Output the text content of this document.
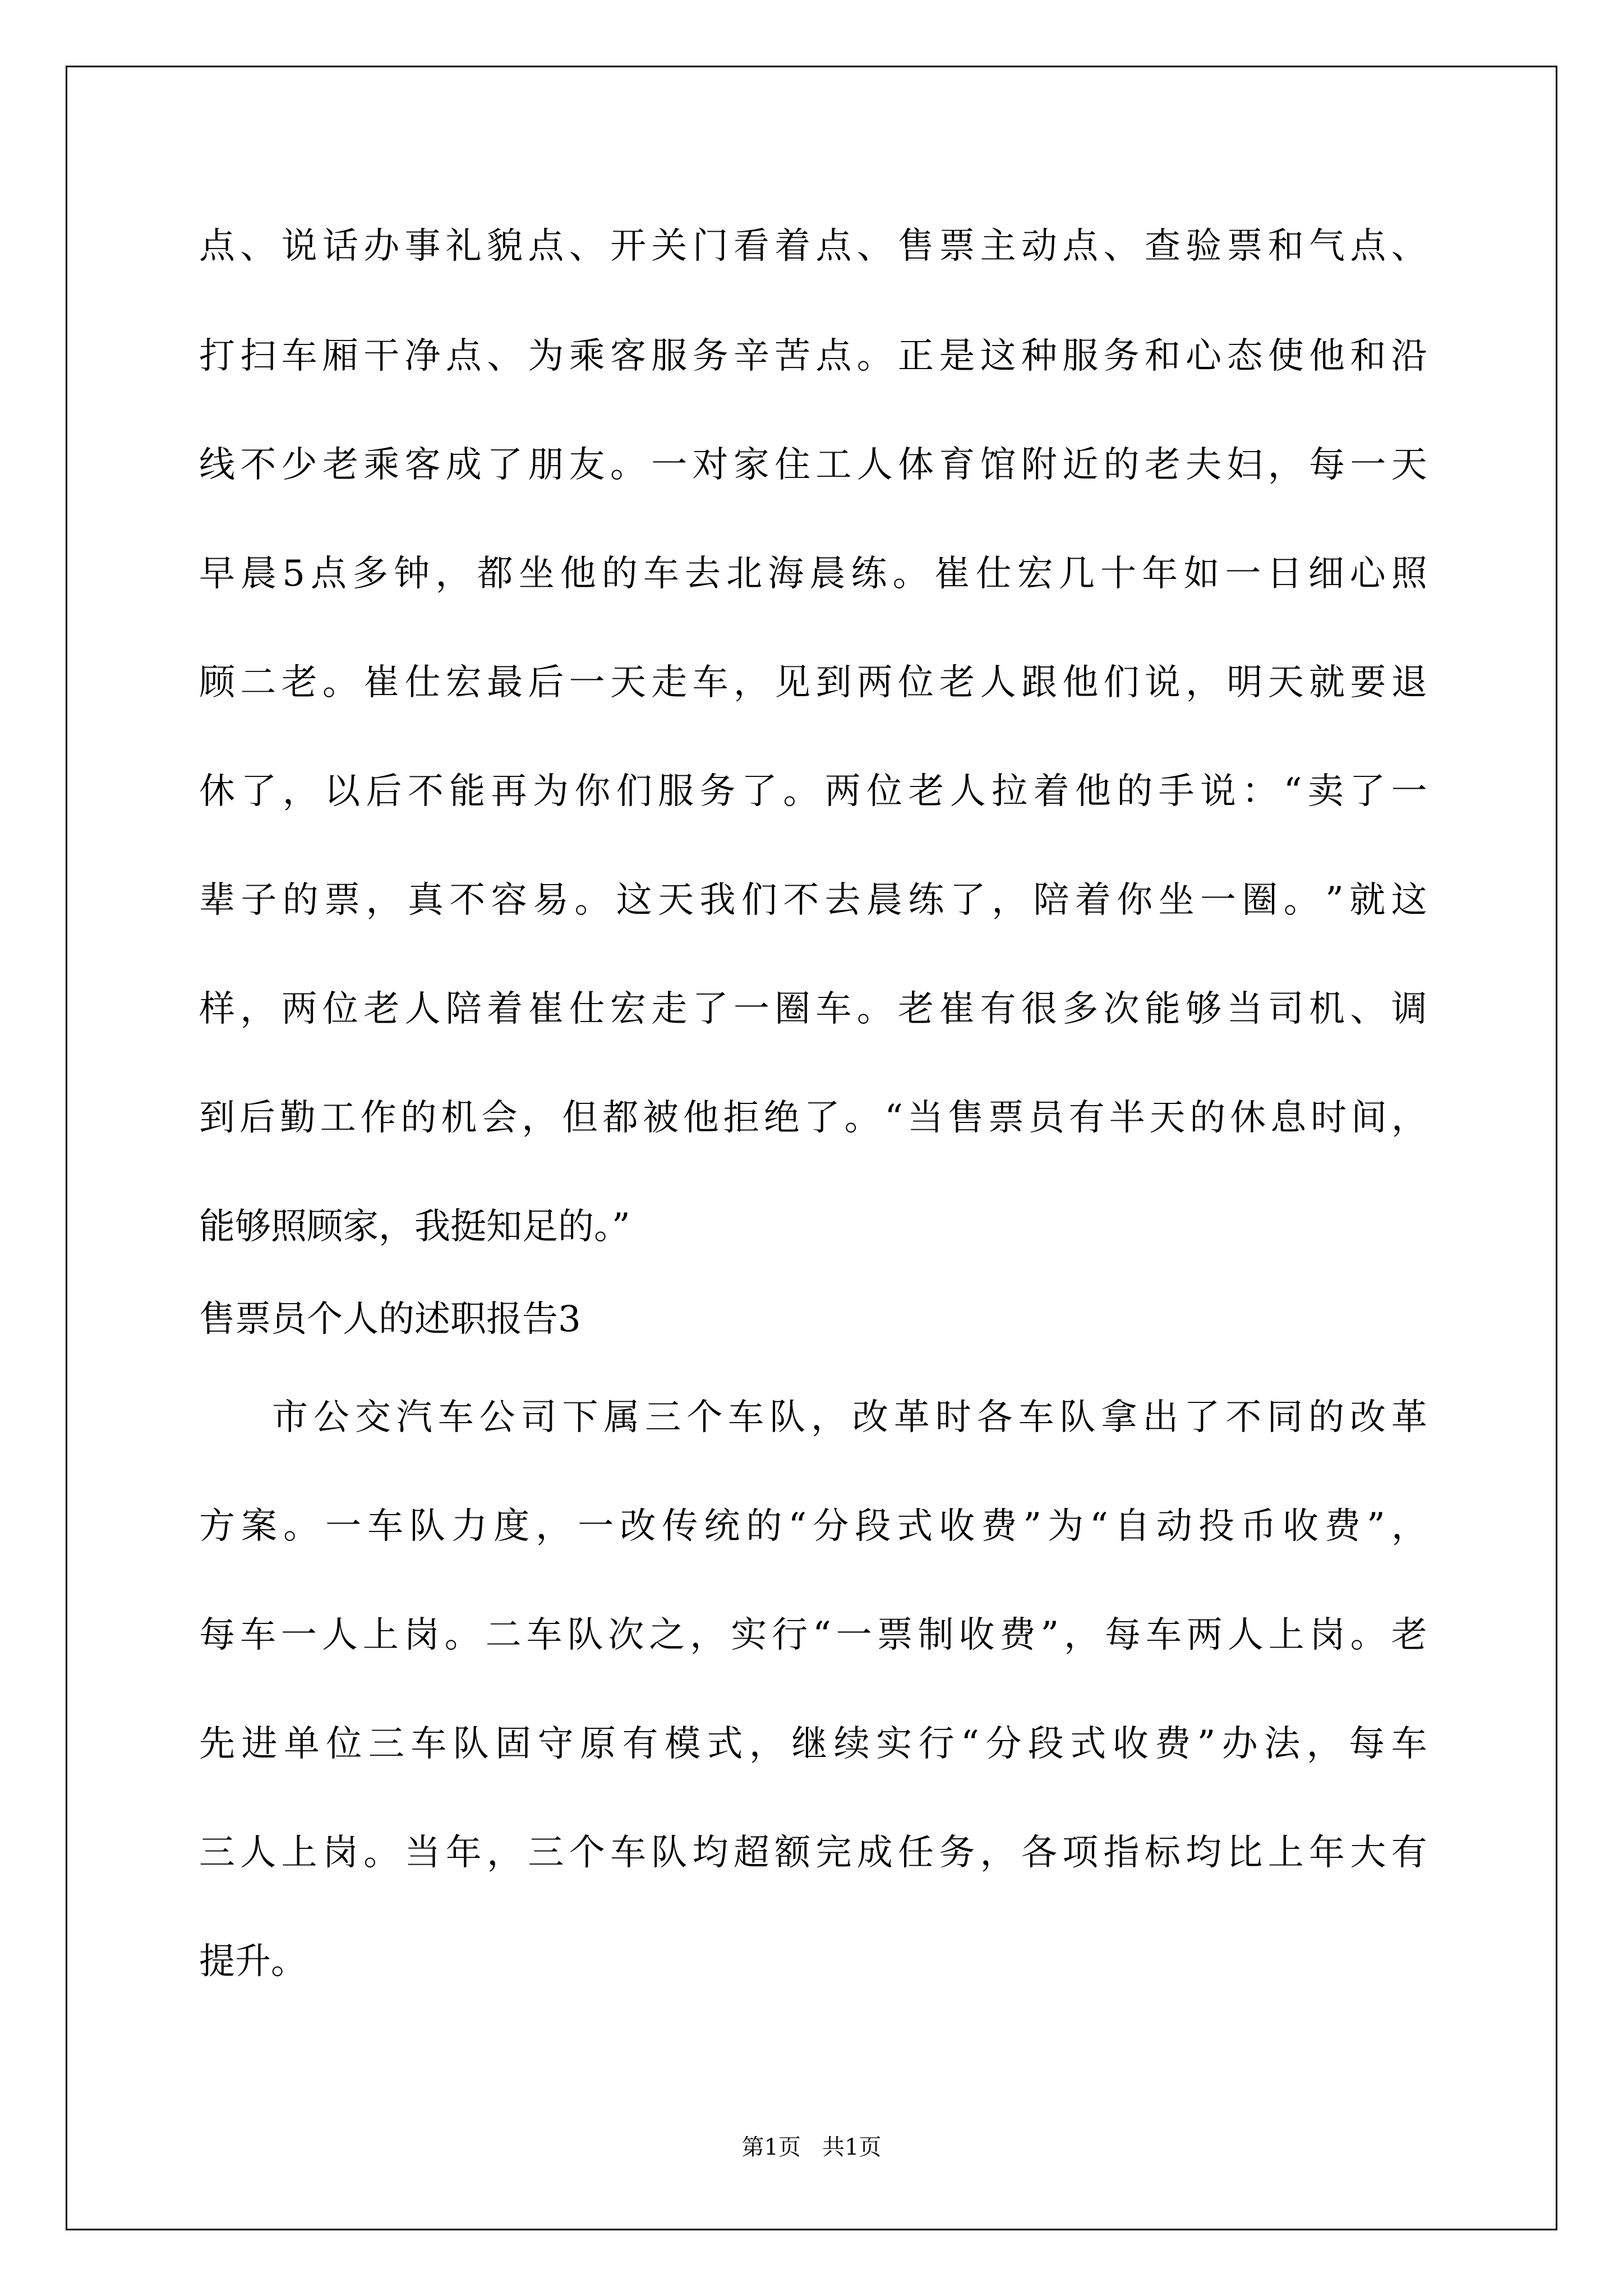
点 、 说 话 办 事 礼 貌 点 、 开 关 门 看 着 点 、 售 票 主 动 点 、 查 验 票 和 气 点 、
打 扫 车 厢 干 净 点 、 为 乘 客 服 务 辛 苦 点 。 正 是 这 种 服 务 和 心 态 使 他 和 沿
线 不 少 老 乘 客 成 了 朋 友 。 一 对 家 住 工 人 体 育 馆 附 近 的 老 夫 妇 ， 每 一 天
早 晨 5 点 多 钟 ， 都 坐 他 的 车 去 北 海 晨 练 。 崔 仕 宏 几 十 年 如 一 日 细 心 照
顾 二 老 。 崔 仕 宏 最 后 一 天 走 车 ， 见 到 两 位 老 人 跟 他 们 说 ， 明 天 就 要 退
休 了 ， 以 后 不 能 再 为 你 们 服 务 了 。 两 位 老 人 拉 着 他 的 手 说 ： “ 卖 了 一
辈 子 的 票 ， 真 不 容 易 。 这 天 我 们 不 去 晨 练 了 ， 陪 着 你 坐 一 圈 。 ” 就 这
样 ， 两 位 老 人 陪 着 崔 仕 宏 走 了 一 圈 车 。 老 崔 有 很 多 次 能 够 当 司 机 、 调
到 后 勤 工 作 的 机 会 ， 但 都 被 他 拒 绝 了 。 “ 当 售 票 员 有 半 天 的 休 息 时 间 ，
能够照顾家，我挺知足的。”
售票员个人的述职报告3
市 公 交 汽 车 公 司 下 属 三 个 车 队 ， 改 革 时 各 车 队 拿 出 了 不 同 的 改 革
方 案 。 一 车 队 力 度 ， 一 改 传 统 的 “ 分 段 式 收 费 ” 为 “ 自 动 投 币 收 费 ” ，
每 车 一 人 上 岗 。 二 车 队 次 之 ， 实 行 “ 一 票 制 收 费 ” ， 每 车 两 人 上 岗 。 老
先 进 单 位 三 车 队 固 守 原 有 模 式 ， 继 续 实 行 “ 分 段 式 收 费 ” 办 法 ， 每 车
三 人 上 岗 。 当 年 ， 三 个 车 队 均 超 额 完 成 任 务 ， 各 项 指 标 均 比 上 年 大 有
提升。
第1页   共1页
